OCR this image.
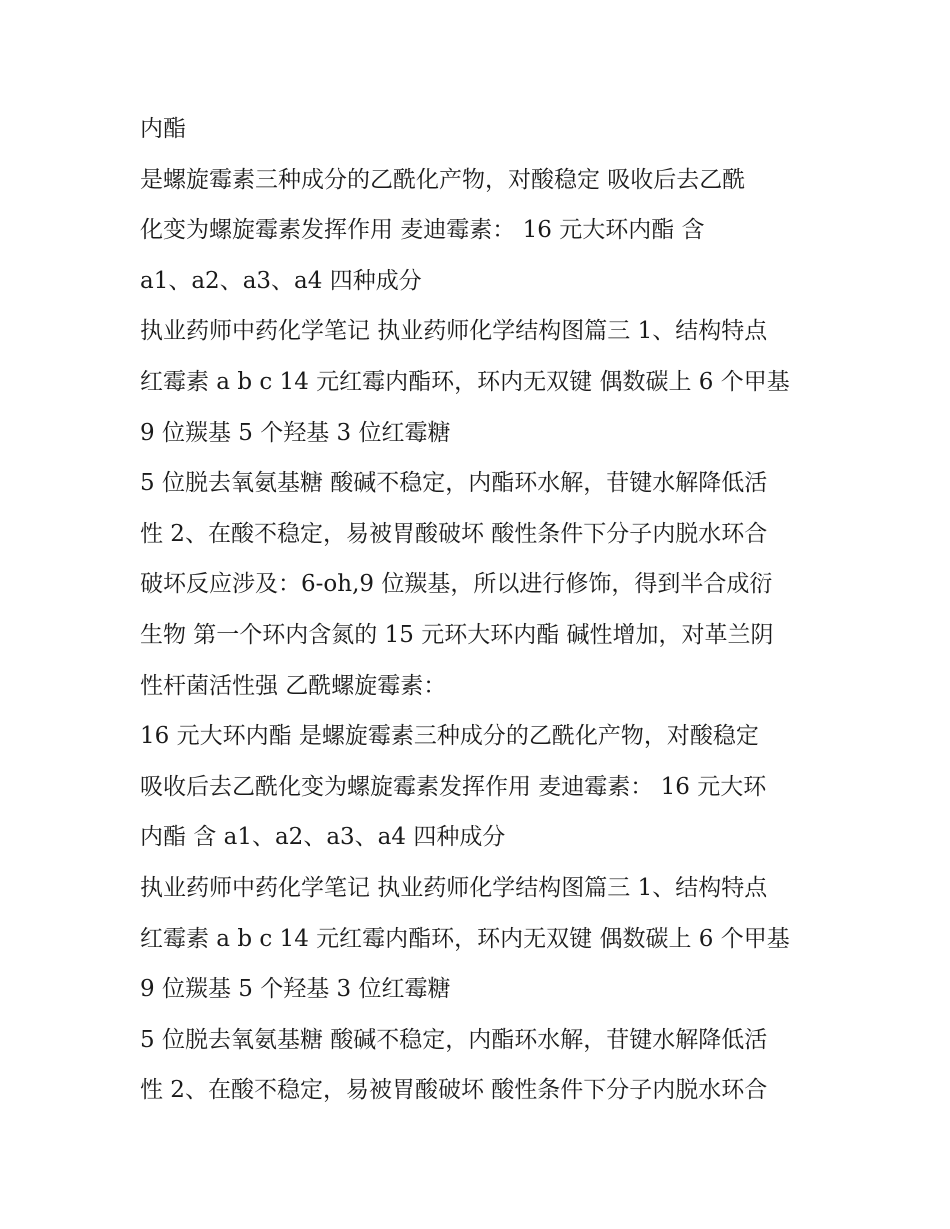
内酯
是螺旋霉素三种成分的乙酰化产物，对酸稳定 吸收后去乙酰
化变为螺旋霉素发挥作用 麦迪霉素： 16 元大环内酯 含
a1、a2、a3、a4 四种成分
执业药师中药化学笔记 执业药师化学结构图篇三 1、结构特点
红霉素 a b c 14 元红霉内酯环，环内无双键 偶数碳上 6 个甲基
9 位羰基 5 个羟基 3 位红霉糖
5 位脱去氧氨基糖 酸碱不稳定，内酯环水解，苷键水解降低活
性 2、在酸不稳定，易被胃酸破坏 酸性条件下分子内脱水环合
破坏反应涉及：6-oh,9 位羰基，所以进行修饰，得到半合成衍
生物 第一个环内含氮的 15 元环大环内酯 碱性增加，对革兰阴
性杆菌活性强 乙酰螺旋霉素：
16 元大环内酯 是螺旋霉素三种成分的乙酰化产物，对酸稳定
吸收后去乙酰化变为螺旋霉素发挥作用 麦迪霉素： 16 元大环
内酯 含 a1、a2、a3、a4 四种成分
执业药师中药化学笔记 执业药师化学结构图篇三 1、结构特点
红霉素 a b c 14 元红霉内酯环，环内无双键 偶数碳上 6 个甲基
9 位羰基 5 个羟基 3 位红霉糖
5 位脱去氧氨基糖 酸碱不稳定，内酯环水解，苷键水解降低活
性 2、在酸不稳定，易被胃酸破坏 酸性条件下分子内脱水环合
